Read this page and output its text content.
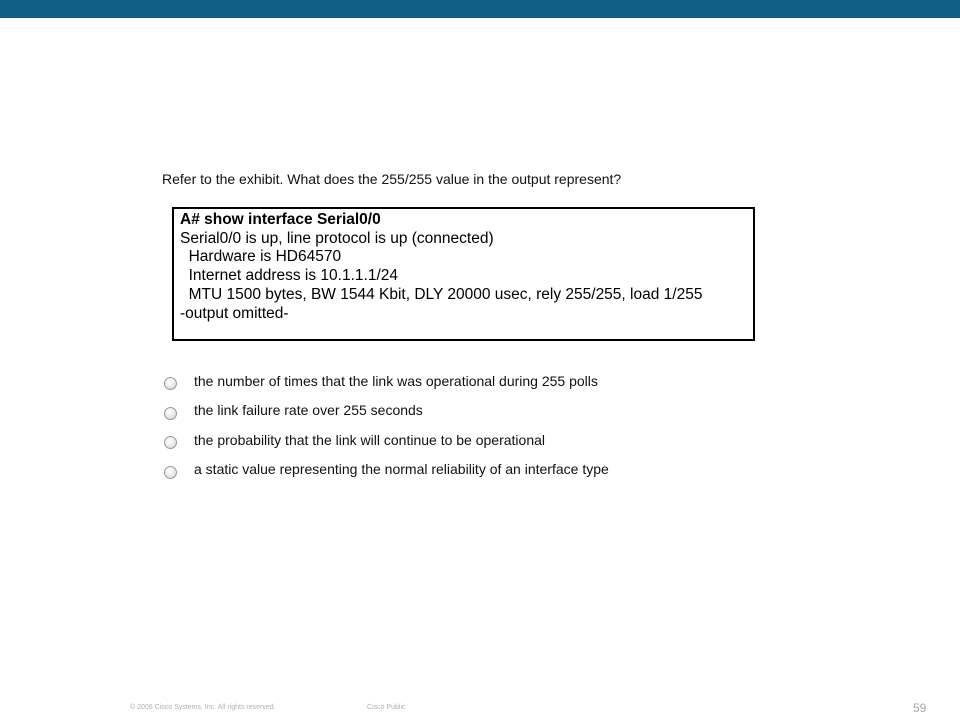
Refer to the exhibit. What does the 255/255 value in the output represent?
A# show interface Serial0/0
Serial0/0 is up, line protocol is up (connected)
Hardware is HD64570
Internet address is 10.1.1.1/24
MTU 1500 bytes, BW 1544 Kbit, DLY 20000 usec, rely 255/255, load 1/255
-output omitted-
the number of times that the link was operational during 255 polls
the link failure rate over 255 seconds
the probability that the link will continue to be operational
a static value representing the normal reliability of an interface type
© 2006 Cisco Systems, Inc. All rights reserved.	Cisco Public	59
